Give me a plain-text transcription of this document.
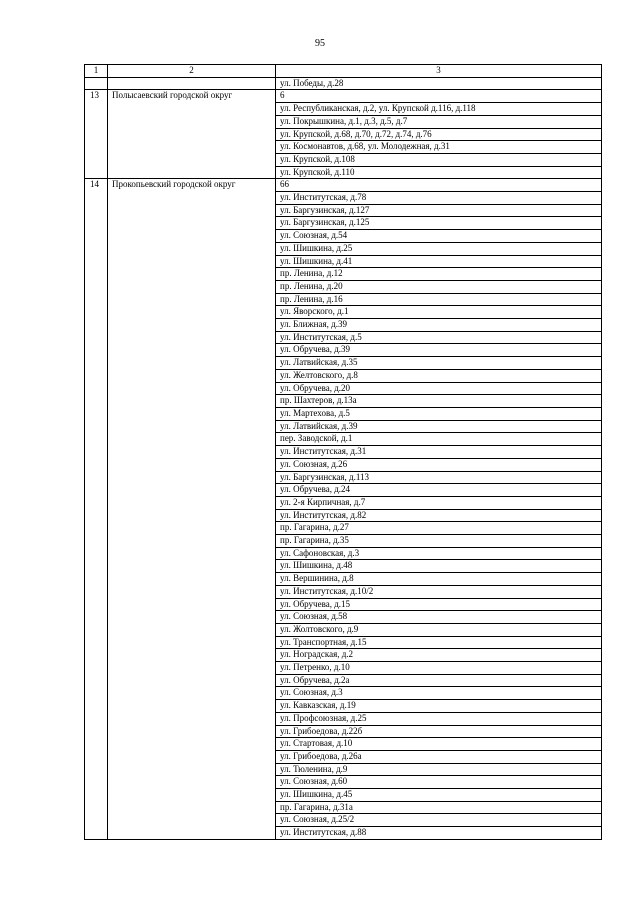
95
1	2	3
		ул. Победы, д.28
13	Полысаевский городской округ	6
		ул. Республиканская, д.2, ул. Крупской д.116, д.118
		ул. Покрышкина, д.1, д.3, д.5, д.7
		ул. Крупской, д.68, д.70, д.72, д.74, д.76
		ул. Космонавтов, д.68, ул. Молодежная, д.31
		ул. Крупской, д.108
		ул. Крупской, д.110
14	Прокопьевский городской округ	66
		ул. Институтская, д.78
		ул. Баргузинская, д.127
		ул. Баргузинская, д.125
		ул. Союзная, д.54
		ул. Шишкина, д.25
		ул. Шишкина, д.41
		пр. Ленина, д.12
		пр. Ленина, д.20
		пр. Ленина, д.16
		ул. Яворского, д.1
		ул. Ближная, д.39
		ул. Институтская, д.5
		ул. Обручева, д.39
		ул. Латвийская, д.35
		ул. Желтовского, д.8
		ул. Обручева, д.20
		пр. Шахтеров, д.13а
		ул. Мартехова, д.5
		ул. Латвийская, д.39
		пер. Заводской, д.1
		ул. Институтская, д.31
		ул. Союзная, д.26
		ул. Баргузинская, д.113
		ул. Обручева, д.24
		ул. 2-я Кирпичная, д.7
		ул. Институтская, д.82
		пр. Гагарина, д.27
		пр. Гагарина, д.35
		ул. Сафоновская, д.3
		ул. Шишкина, д.48
		ул. Вершинина, д.8
		ул. Институтская, д.10/2
		ул. Обручева, д.15
		ул. Союзная, д.58
		ул. Жолтовского, д.9
		ул. Транспортная, д.15
		ул. Ноградская, д.2
		ул. Петренко, д.10
		ул. Обручева, д.2а
		ул. Союзная, д.3
		ул. Кавказская, д.19
		ул. Профсоюзная, д.25
		ул. Грибоедова, д.22б
		ул. Стартовая, д.10
		ул. Грибоедова, д.26а
		ул. Тюленина, д.9
		ул. Союзная, д.60
		ул. Шишкина, д.45
		пр. Гагарина, д.31а
		ул. Союзная, д.25/2
		ул. Институтская, д.88
